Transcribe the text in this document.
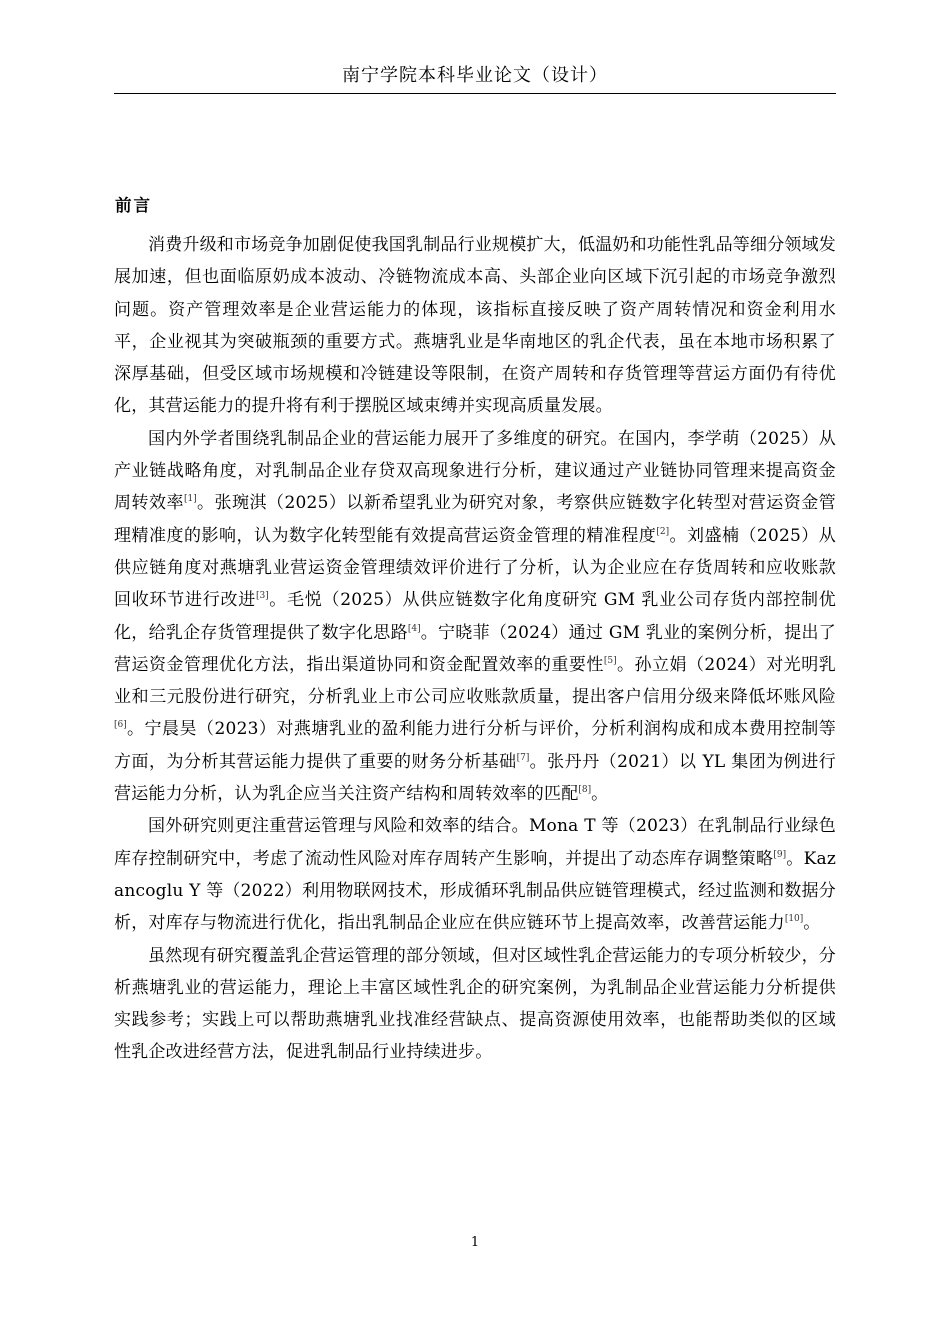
南宁学院本科毕业论文（设计）
前言

消费升级和市场竞争加剧促使我国乳制品行业规模扩大，低温奶和功能性乳品等细分领域发展加速，但也面临原奶成本波动、冷链物流成本高、头部企业向区域下沉引起的市场竞争激烈问题。资产管理效率是企业营运能力的体现，该指标直接反映了资产周转情况和资金利用水平，企业视其为突破瓶颈的重要方式。燕塘乳业是华南地区的乳企代表，虽在本地市场积累了深厚基础，但受区域市场规模和冷链建设等限制，在资产周转和存货管理等营运方面仍有待优化，其营运能力的提升将有利于摆脱区域束缚并实现高质量发展。

国内外学者围绕乳制品企业的营运能力展开了多维度的研究。在国内，李学萌（2025）从产业链战略角度，对乳制品企业存贷双高现象进行分析，建议通过产业链协同管理来提高资金周转效率[1]。张琬淇（2025）以新希望乳业为研究对象，考察供应链数字化转型对营运资金管理精准度的影响，认为数字化转型能有效提高营运资金管理的精准程度[2]。刘盛楠（2025）从供应链角度对燕塘乳业营运资金管理绩效评价进行了分析，认为企业应在存货周转和应收账款回收环节进行改进[3]。毛悦（2025）从供应链数字化角度研究 GM 乳业公司存货内部控制优化，给乳企存货管理提供了数字化思路[4]。宁晓菲（2024）通过 GM 乳业的案例分析，提出了营运资金管理优化方法，指出渠道协同和资金配置效率的重要性[5]。孙立娟（2024）对光明乳业和三元股份进行研究，分析乳业上市公司应收账款质量，提出客户信用分级来降低坏账风险[6]。宁晨昊（2023）对燕塘乳业的盈利能力进行分析与评价，分析利润构成和成本费用控制等方面，为分析其营运能力提供了重要的财务分析基础[7]。张丹丹（2021）以 YL 集团为例进行营运能力分析，认为乳企应当关注资产结构和周转效率的匹配[8]。

国外研究则更注重营运管理与风险和效率的结合。Mona T 等（2023）在乳制品行业绿色库存控制研究中，考虑了流动性风险对库存周转产生影响，并提出了动态库存调整策略[9]。Kazancoglu Y 等（2022）利用物联网技术，形成循环乳制品供应链管理模式，经过监测和数据分析，对库存与物流进行优化，指出乳制品企业应在供应链环节上提高效率，改善营运能力[10]。

虽然现有研究覆盖乳企营运管理的部分领域，但对区域性乳企营运能力的专项分析较少，分析燕塘乳业的营运能力，理论上丰富区域性乳企的研究案例，为乳制品企业营运能力分析提供实践参考；实践上可以帮助燕塘乳业找准经营缺点、提高资源使用效率，也能帮助类似的区域性乳企改进经营方法，促进乳制品行业持续进步。

1
